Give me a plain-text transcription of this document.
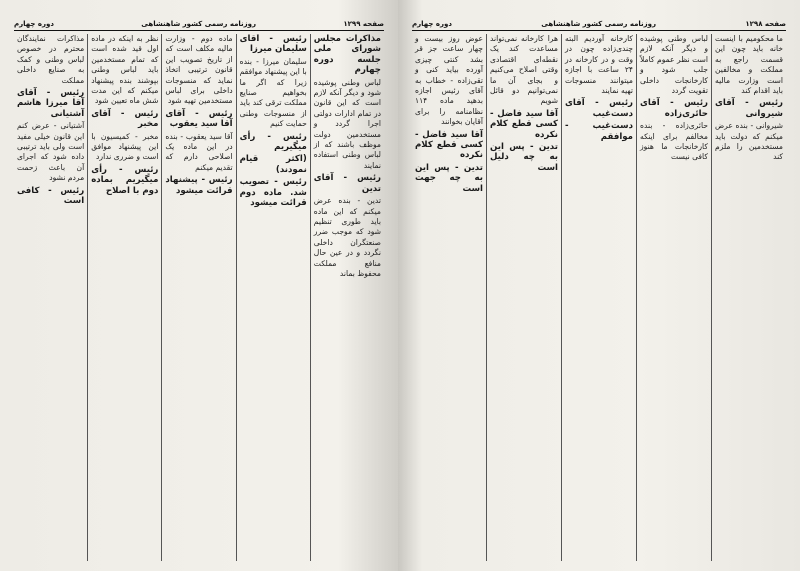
صفحه ۱۲۹۹
روزنامه رسمی کشور شاهنشاهی
دوره چهارم

مذاکرات مجلس شورای ملی جلسه دوره چهارم

لباس وطنی پوشیده شود و دیگر آنکه لازم است که این قانون در تمام ادارات دولتی اجرا گردد و مستخدمین دولت موظف باشند که از لباس وطنی استفاده نمایند

رئیس - آقای تدین

تدین - بنده عرض میکنم که این ماده باید طوری تنظیم شود که موجب ضرر صنعتگران داخلی نگردد و در عین حال منافع مملکت محفوظ بماند

رئیس - آقای سلیمان میرزا

سلیمان میرزا - بنده با این پیشنهاد موافقم زیرا که اگر ما بخواهیم صنایع مملکت ترقی کند باید از منسوجات وطنی حمایت کنیم

رئیس - رأی میگیریم

(اکثر قیام نمودند)

رئیس - تصویب شد. ماده دوم قرائت میشود

ماده دوم - وزارت مالیه مکلف است که از تاریخ تصویب این قانون ترتیبی اتخاذ نماید که منسوجات داخلی برای لباس مستخدمین تهیه شود

رئیس - آقای آقا سید یعقوب

آقا سید یعقوب - بنده در این ماده یک اصلاحی دارم که تقدیم میکنم

رئیس - پیشنهاد قرائت میشود

نظر به اینکه در ماده اول قید شده است که تمام مستخدمین باید لباس وطنی بپوشند بنده پیشنهاد میکنم که این مدت شش ماه تعیین شود

رئیس - آقای مخبر

مخبر - کمیسیون با این پیشنهاد موافق است و ضرری ندارد

رئیس - رأی میگیریم بماده دوم با اصلاح

مذاکرات نمایندگان محترم در خصوص لباس وطنی و کمک به صنایع داخلی مملکت

رئیس - آقای آقا میرزا هاشم آشتیانی

آشتیانی - عرض کنم این قانون خیلی مفید است ولی باید ترتیبی داده شود که اجرای آن باعث زحمت مردم نشود

رئیس - کافی است

صفحه ۱۲۹۸
روزنامه رسمی کشور شاهنشاهی
دوره چهارم

ما محکومیم با اینست خانه باید چون این قسمت راجع به مملکت و مخالفین است وزارت مالیه باید اقدام کند

رئیس - آقای شیروانی

شیروانی - بنده عرض میکنم که دولت باید مستخدمین را ملزم کند

لباس وطنی پوشیده و دیگر آنکه لازم است نظر عموم کاملاً جلب شود و کارخانجات داخلی تقویت گردد

رئیس - آقای حائری‌زاده

حائری‌زاده - بنده مخالفم برای اینکه کارخانجات ما هنوز کافی نیست

کارخانه آوردیم البته چندی‌زاده چون در وقت و در کارخانه در ۲۴ ساعت با اجازه میتوانند منسوجات تهیه نمایند

رئیس - آقای دست‌غیب

دست‌غیب - موافقم

هرا کارخانه نمی‌تواند مساعدت کند یک نقطه‌ای اقتصادی وقتی اصلاح می‌کنیم و بجای آن ما نمی‌توانیم دو قائل شویم

آقا سید فاضل - کسی قطع کلام نکرده

تدین - پس این به چه دلیل است

عوض روز بیست و چهار ساعت جز قر بشد کنتی چیزی آورده بیاید کنی و تقی‌زاده - خطاب به آقای رئیس اجازه بدهید ماده ۱۱۴ نظامنامه را برای آقایان بخوانند

آقا سید فاضل - کسی قطع کلام نکرده

تدین - پس این به چه جهت است
